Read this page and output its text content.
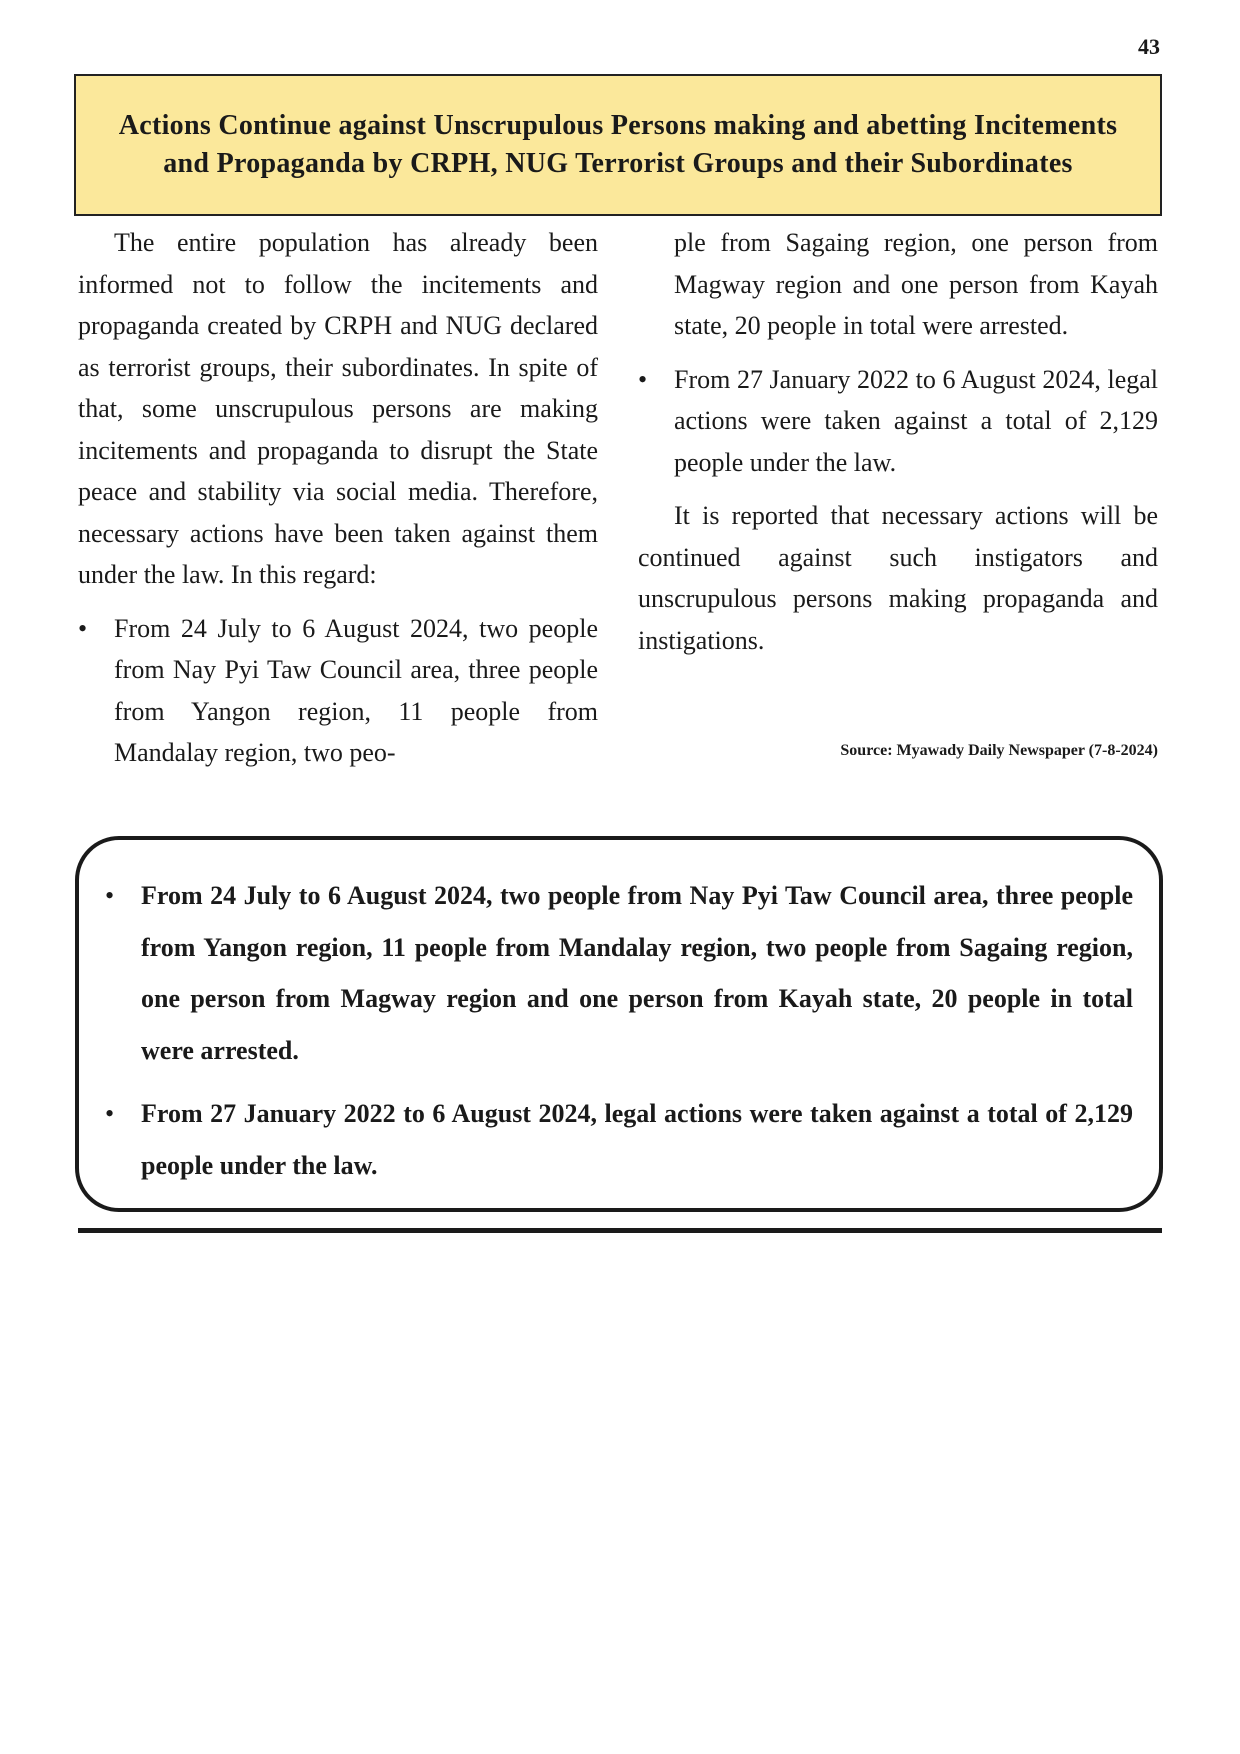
43
Actions Continue against Unscrupulous Persons making and abetting Incitements and Propaganda by CRPH, NUG Terrorist Groups and their Subordinates

The entire population has already been informed not to follow the incitements and propaganda created by CRPH and NUG declared as terrorist groups, their subordinates. In spite of that, some unscrupulous persons are making incitements and propaganda to disrupt the State peace and stability via social media. Therefore, necessary actions have been taken against them under the law. In this regard:

• From 24 July to 6 August 2024, two people from Nay Pyi Taw Council area, three people from Yangon region, 11 people from Mandalay region, two peo-

ple from Sagaing region, one person from Magway region and one person from Kayah state, 20 people in total were arrested.

• From 27 January 2022 to 6 August 2024, legal actions were taken against a total of 2,129 people under the law.

It is reported that necessary actions will be continued against such instigators and unscrupulous persons making propaganda and instigations.

Source: Myawady Daily Newspaper (7-8-2024)
• From 24 July to 6 August 2024, two people from Nay Pyi Taw Council area, three people from Yangon region, 11 people from Mandalay region, two people from Sagaing region, one person from Magway region and one person from Kayah state, 20 people in total were arrested.
• From 27 January 2022 to 6 August 2024, legal actions were taken against a total of 2,129 people under the law.
